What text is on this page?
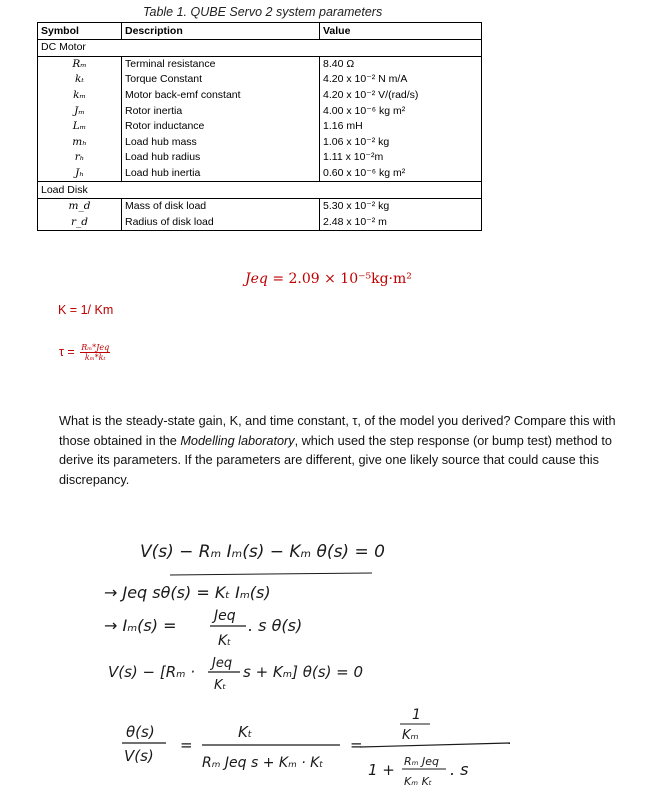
Table 1. QUBE Servo 2 system parameters
Symbol	Description	Value
DC Motor		
Rₘ	Terminal resistance	8.40 Ω
kₜ	Torque Constant	4.20 x 10⁻² N m/A
kₘ	Motor back-emf constant	4.20 x 10⁻² V/(rad/s)
Jₘ	Rotor inertia	4.00 x 10⁻⁶ kg m²
Lₘ	Rotor inductance	1.16 mH
mₕ	Load hub mass	1.06 x 10⁻² kg
rₕ	Load hub radius	1.11 x 10⁻²m
Jₕ	Load hub inertia	0.60 x 10⁻⁶ kg m²
Load Disk		
m_d	Mass of disk load	5.30 x 10⁻² kg
r_d	Radius of disk load	2.48 x 10⁻² m
Jeq = 2.09 × 10⁻⁵kg·m²
K = 1/ Km
$\tau = \frac{\text{Rₘ*Jeq}}{\text{kₘ*kₜ}}$
What is the steady-state gain, K, and time constant, τ, of the model you derived? Compare this with those obtained in the Modelling laboratory, which used the step response (or bump test) method to derive its parameters. If the parameters are different, give one likely source that could cause this discrepancy.
V(s) − Rₘ Iₘ(s) − Kₘ θ(s) = 0
→ Jeq sθ(s) = Kₜ Iₘ(s)
→ Iₘ(s) =	Jeq
Kₜ
. s θ(s)
V(s) − [Rₘ · Jeq
Kₜ
s + Kₘ] θ(s) = 0
θ(s)
V(s)
=
Kₜ
Rₘ Jeq s + Kₘ · Kₜ
=
1
Kₘ
1 + Rₘ Jeq
Kₘ Kₜ
. s
